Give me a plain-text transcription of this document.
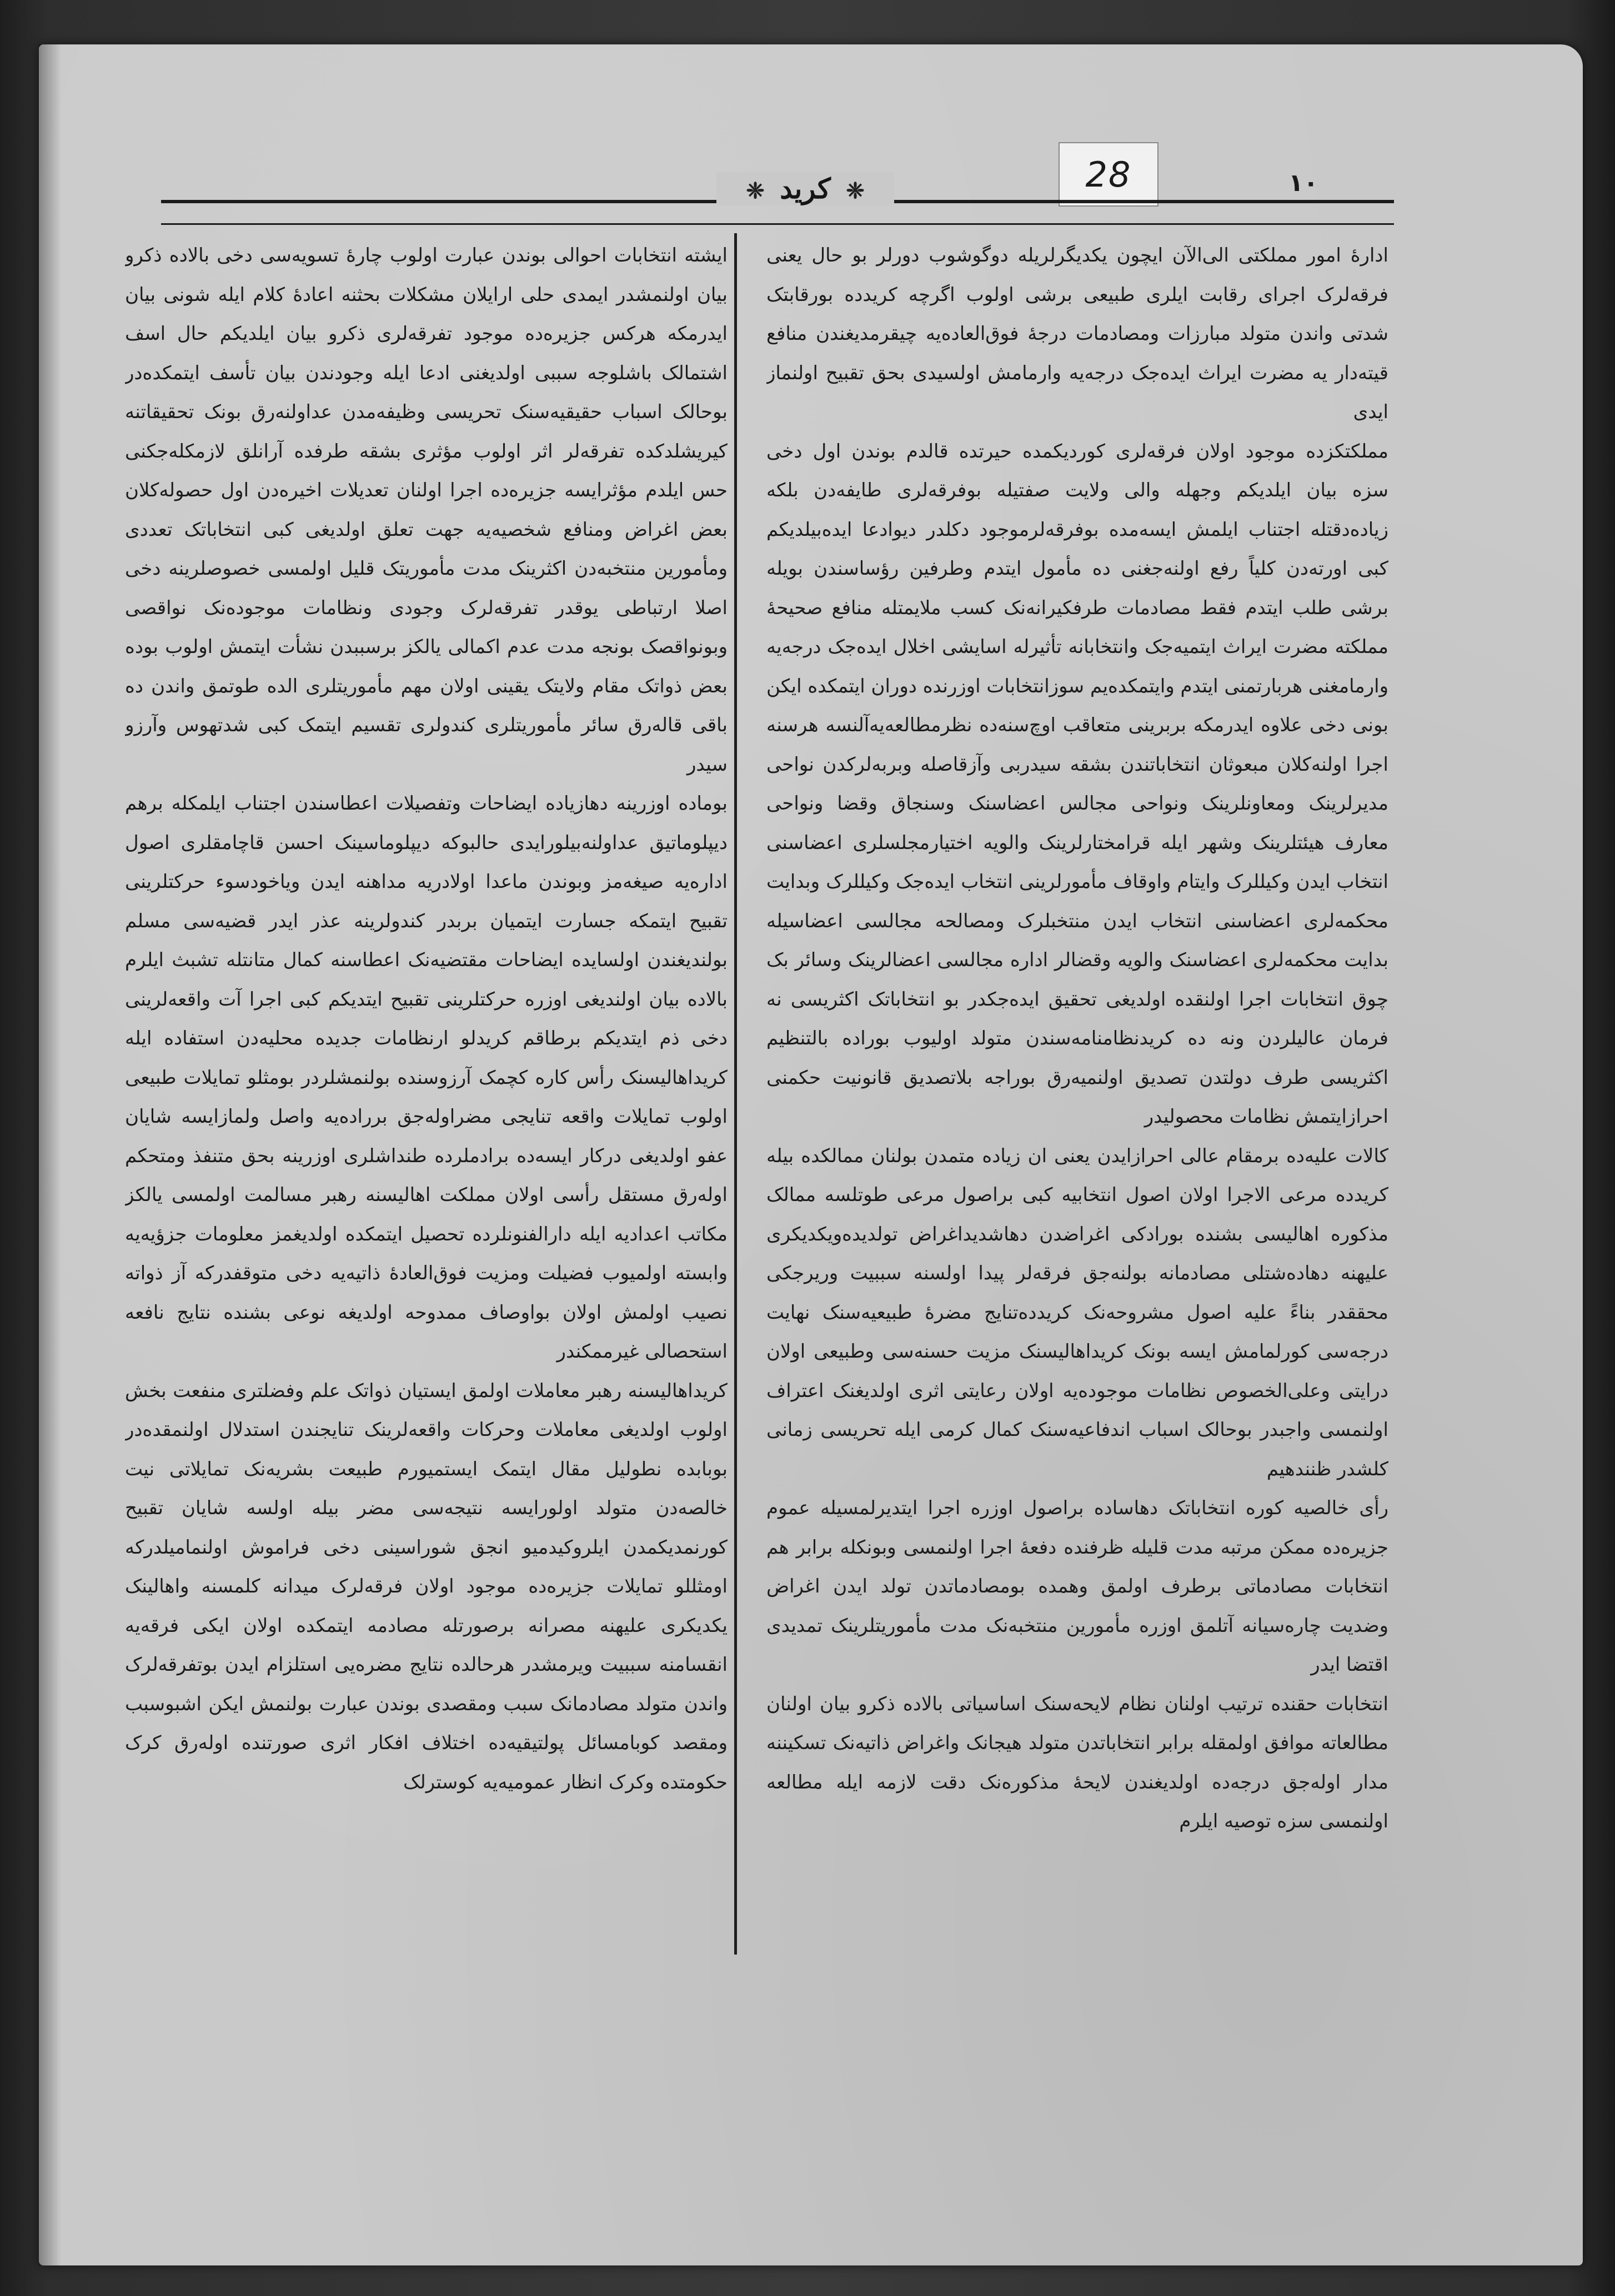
28
❈ کرید ❈	١٠

اداره‌ٔ امور مملکتی الی‌الآن ایچون یکدیگرلریله دوگوشوب دورلر بو حال یعنی فرقه‌لرک اجرای رقابت ایلری طبیعی برشی اولوب اگرچه کریدده بورقابتک شدتی واندن متولد مبارزات ومصادمات درجه‌ٔ فوق‌العاده‌یه چیقرمدیغندن منافع قیته‌دار یه مضرت ایراث ایده‌جک درجه‌یه وارمامش اولسیدی بحق تقبیح اولنماز ایدی

مملکتکزده موجود اولان فرقه‌لری کوردیکمده حیرتده قالدم بوندن اول دخی سزه بیان ایلدیکم وجهله والی ولایت صفتیله بوفرقه‌لری طایفه‌دن بلکه زیاده‌دقتله اجتناب ایلمش ایسه‌مده بوفرقه‌لرموجود دکلدر دیوادعا ایده‌بیلدیکم کبی اورته‌دن کلیاً رفع اولنه‌جغنی ده مأمول ایتدم وطرفین رؤساسندن بویله برشی طلب ایتدم فقط مصادمات طرفکیرانه‌نک کسب ملایمتله منافع صحیحهٔ مملکته مضرت ایراث ایتمیه‌جک وانتخابانه تأثیرله اسایشی اخلال ایده‌جک درجه‌یه وارمامغنی هربارتمنی ایتدم وایتمکده‌یم سوزانتخابات اوزرنده دوران ایتمکده ایکن بونی دخی علاوه ایدرمکه بربرینی متعاقب اوچ‌سنه‌ده نظرمطالعه‌یه‌آلنسه هرسنه اجرا اولنه‌کلان مبعوثان انتخاباتندن بشقه‌ سیدربی وآزقاصله وبربه‌لرکدن نواحی مدیرلرینک ومعاونلرینک ونواحی مجالس اعضاسنک وسنجاق وقضا ونواحی معارف هیئتلرینک وشهر ایله قرامختارلرینک والویه اختیارمجلسلری اعضاسنی انتخاب ایدن وکیللرک وایتام واوقاف مأمورلرینی انتخاب ایده‌جک وکیللرک وبدایت محکمه‌لری اعضاسنی انتخاب ایدن منتخبلرک ومصالحه مجالسی اعضاسیله بدایت محکمه‌لری اعضاسنک والویه وقضالر اداره مجالسی اعضالرینک وسائر بک چوق انتخابات اجرا اولنقده اولدیغی تحقیق ایده‌جکدر بو انتخاباتک اکثریسی نه فرمان عالیلردن ونه ده کریدنظامنامه‌سندن متولد اولیوب بوراده بالتنظیم اکثریسی طرف دولتدن تصدیق اولنمیه‌رق بوراجه بلاتصدیق قانونیت حکمنی احرازایتمش نظامات محصولیدر

کالات علیه‌ده برمقام عالی احرازایدن یعنی ان زیاده متمدن بولنان ممالکده بیله کریدده مرعی الاجرا اولان اصول انتخابیه کبی براصول مرعی طوتلسه ممالک مذکوره اهالیسی بشنده بورادکی اغراضدن دهاشدیداغراض تولدیده‌ویکدیکری علیهنه دهاده‌شتلی مصادمانه بولنه‌جق فرقه‌لر پیدا اولسنه سببیت وریرجکی محققدر بناءً علیه اصول مشروحه‌نک کریدده‌تنایج مضرهٔ طبیعیه‌سنک نهایت درجه‌سی کورلمامش ایسه بونک کریداهالیسنک مزیت حسنه‌سی وطبیعی اولان درایتی وعلی‌الخصوص نظامات موجوده‌یه اولان رعایتی اثری اولدیغنک اعتراف اولنمسی واجبدر بوحالک اسباب اندفاعیه‌سنک کمال کرمی ایله تحریسی زمانی کلشدر ظنندهیم

رأی خالصیه کوره انتخاباتک دهاساده براصول اوزره اجرا ایتدیرلمسیله عموم جزیره‌ده ممکن مرتبه مدت قلیله ظرفنده دفعهٔ اجرا اولنمسی وبونکله برابر هم انتخابات مصادماتی برطرف اولمق وهمده بومصادماتدن تولد ایدن اغراض وضدیت چاره‌سیانه آتلمق اوزره مأمورین منتخبه‌نک مدت مأموریتلرینک تمدیدی اقتضا ایدر

انتخابات حقنده ترتیب اولنان نظام لایحه‌سنک اساسیاتی بالاده ذکرو بیان اولنان مطالعاته موافق اولمقله برابر انتخاباتدن متولد هیجانک واغراض ذاتیه‌نک تسکیننه مدار اوله‌جق درجه‌ده اولدیغندن لایحهٔ مذکوره‌نک دقت لازمه ایله مطالعه اولنمسی سزه توصیه ایلرم

ایشته انتخابات احوالی بوندن عبارت اولوب چاره‌ٔ تسویه‌سی دخی بالاده ذکرو بیان اولنمشدر ایمدی حلی ارایلان مشکلات بحثنه اعادهٔ کلام ایله شونی بیان ایدرمکه هرکس جزیره‌ده موجود تفرقه‌لری ذکرو بیان ایلدیکم حال اسف اشتمالک باشلوجه سببی اولدیغنی ادعا ایله وجودندن بیان تأسف ایتمکده‌در بوحالک اسباب حقیقیه‌سنک تحریسی وظیفه‌مدن عداولنه‌رق بونک تحقیقاتنه کیریشلدکده تفرقه‌لر اثر اولوب مؤثری بشقه طرفده آرانلق لازمکله‌جکنی حس ایلدم مؤثرایسه جزیره‌ده اجرا اولنان تعدیلات اخیره‌دن اول حصوله‌کلان بعض اغراض ومنافع شخصیه‌یه جهت تعلق اولدیغی کبی انتخاباتک تعددی ومأمورین منتخبه‌دن اکثرینک مدت مأموریتک قلیل اولمسی خصوصلرینه دخی اصلا ارتباطی یوقدر تفرقه‌لرک وجودی ونظامات موجوده‌نک نواقصی وبونواقصک بونجه مدت عدم اکمالی یالکز برسببدن نشأت ایتمش اولوب بوده بعض ذواتک مقام ولایتک یقینی اولان مهم مأموریتلری الده طوتمق واندن ده باقی قاله‌رق سائر مأموریتلری کندولری تقسیم ایتمک کبی شدتهوس وآرزو سیدر

بوماده اوزرینه دهازیاده ایضاحات وتفصیلات اعطاسندن اجتناب ایلمکله برهم دیپلوماتیق عداولنه‌بیلورایدی حالبوکه دیپلوماسینک احسن قاچامقلری اصول اداره‌یه صیغه‌مز وبوندن ماعدا اولادریه مداهنه ایدن ویاخودسوء حرکتلرینی تقبیح ایتمکه جسارت ایتمیان بربدر کندولرینه عذر ایدر قضیه‌سی مسلم بولندیغندن اولسایده ایضاحات مقتضیه‌نک اعطاسنه کمال متانتله تشبث ایلرم بالاده بیان اولندیغی اوزره حرکتلرینی تقبیح ایتدیکم کبی اجرا آت واقعه‌لرینی دخی ذم ایتدیکم برطاقم کریدلو ارنظامات جدیده محلیه‌دن استفاده ایله کریداهالیسنک رأس کاره کچمک آرزوسنده بولنمشلردر بومثلو تمایلات طبیعی اولوب تمایلات واقعه تنایجی مضراوله‌جق برراده‌یه واصل ولمازایسه شایان عفو اولدیغی درکار ایسه‌ده برادملرده طنداشلری اوزرینه بحق متنفذ ومتحکم اوله‌رق مستقل رأسی اولان مملکت اهالیسنه رهبر مسالمت اولمسی یالکز مکاتب اعدادیه ایله دارالفنونلرده تحصیل ایتمکده اولدیغمز معلومات جزؤیه‌یه وابسته اولمیوب فضیلت ومزیت فوق‌العاده‌ٔ ذاتیه‌یه دخی متوقفدرکه آز ذواته نصیب اولمش اولان بواوصاف ممدوحه اولدیغه نوعی بشنده نتایج نافعه استحصالی غیرممکندر

کریداهالیسنه رهبر معاملات اولمق ایستیان ذواتک علم وفضلتری منفعت بخش اولوب اولدیغی معاملات وحرکات واقعه‌لرینک تنایجندن استدلال اولنمقده‌در بوبابده‌ نطولیل مقال ایتمک ایستمیورم طبیعت بشریه‌نک تمایلاتی نیت خالصه‌دن متولد اولورایسه نتیجه‌سی مضر بیله اولسه شایان تقبیح کورنمدیکمدن ایلروکیدمیو انجق شوراسینی دخی فراموش اولنمامیلدرکه اومثللو تمایلات جزیره‌ده موجود اولان فرقه‌لرک میدانه کلمسنه واهالینک یکدیکری علیهنه مصرانه برصورتله مصادمه ایتمکده اولان ایکی فرقه‌یه انقسامنه سببیت ویرمشدر هرحالده نتایج مضره‌یی استلزام ایدن بوتفرقه‌لرک واندن متولد مصادمانک سبب ومقصدی بوندن عبارت بولنمش ایکن اشبوسبب ومقصد کوبامسائل پولتیقیه‌ده اختلاف افکار اثری صورتنده اوله‌رق کرک حکومتده وکرک انظار عمومیه‌یه کوسترلک
